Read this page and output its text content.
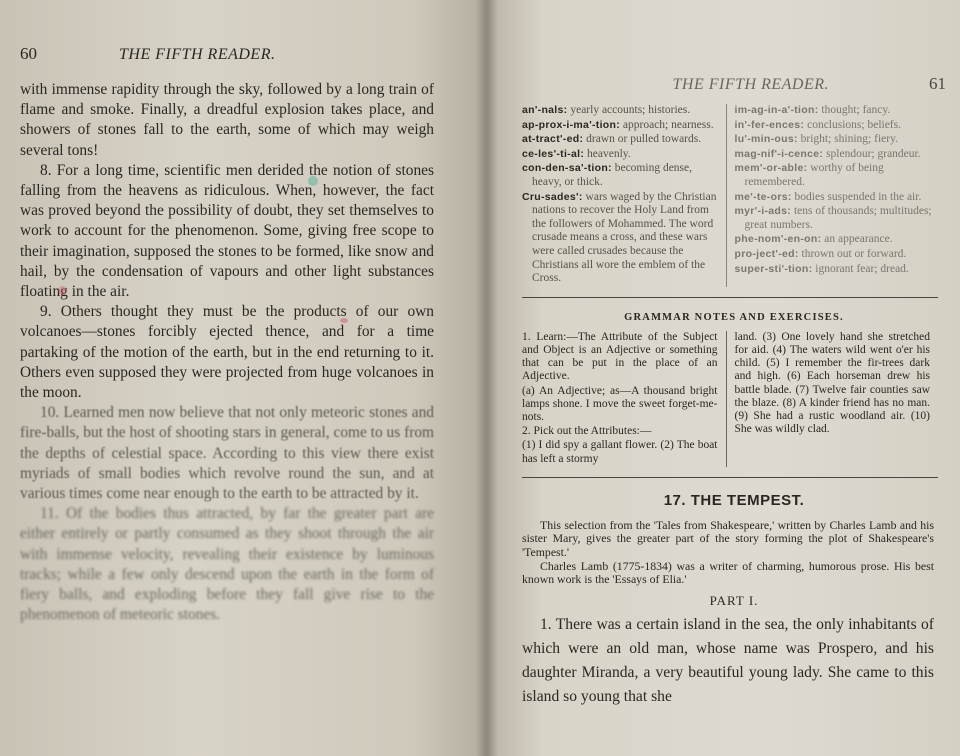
60	THE FIFTH READER.

with immense rapidity through the sky, followed by a long train of flame and smoke. Finally, a dreadful explosion takes place, and showers of stones fall to the earth, some of which may weigh several tons!

8. For a long time, scientific men derided the notion of stones falling from the heavens as ridiculous. When, however, the fact was proved beyond the possibility of doubt, they set themselves to work to account for the phenomenon. Some, giving free scope to their imagination, supposed the stones to be formed, like snow and hail, by the condensation of vapours and other light substances floating in the air.

9. Others thought they must be the products of our own volcanoes—stones forcibly ejected thence, and for a time partaking of the motion of the earth, but in the end returning to it. Others even supposed they were projected from huge volcanoes in the moon.

10. Learned men now believe that not only meteoric stones and fire-balls, but the host of shooting stars in general, come to us from the depths of celestial space. According to this view there exist myriads of small bodies which revolve round the sun, and at various times come near enough to the earth to be attracted by it.

11. Of the bodies thus attracted, by far the greater part are either entirely or partly consumed as they shoot through the air with immense velocity, revealing their existence by luminous tracks; while a few only descend upon the earth in the form of fiery balls, and exploding before they fall give rise to the phenomenon of meteoric stones.

THE FIFTH READER.	61

an'-nals: yearly accounts; histories.

ap-prox-i-ma'-tion: approach; nearness.

at-tract'-ed: drawn or pulled towards.

ce-les'-ti-al: heavenly.

con-den-sa'-tion: becoming dense, heavy, or thick.

Cru-sades': wars waged by the Christian nations to recover the Holy Land from the followers of Mohammed. The word crusade means a cross, and these wars were called crusades because the Christians all wore the emblem of the Cross.

im-ag-in-a'-tion: thought; fancy.

in'-fer-ences: conclusions; beliefs.

lu'-min-ous: bright; shining; fiery.

mag-nif'-i-cence: splendour; grandeur.

mem'-or-able: worthy of being remembered.

me'-te-ors: bodies suspended in the air.

myr'-i-ads: tens of thousands; multitudes; great numbers.

phe-nom'-en-on: an appearance.

pro-ject'-ed: thrown out or forward.

super-sti'-tion: ignorant fear; dread.

GRAMMAR NOTES AND EXERCISES.

1. Learn:—The Attribute of the Subject and Object is an Adjective or something that can be put in the place of an Adjective.

(a) An Adjective; as—A thousand bright lamps shone. I move the sweet forget-me-nots.

2. Pick out the Attributes:—

(1) I did spy a gallant flower. (2) The boat has left a stormy

land. (3) One lovely hand she stretched for aid. (4) The waters wild went o'er his child. (5) I remember the fir-trees dark and high. (6) Each horseman drew his battle blade. (7) Twelve fair counties saw the blaze. (8) A kinder friend has no man. (9) She had a rustic woodland air. (10) She was wildly clad.

17. THE TEMPEST.

This selection from the 'Tales from Shakespeare,' written by Charles Lamb and his sister Mary, gives the greater part of the story forming the plot of Shakespeare's 'Tempest.'

Charles Lamb (1775-1834) was a writer of charming, humorous prose. His best known work is the 'Essays of Elia.'

PART I.

1. There was a certain island in the sea, the only inhabitants of which were an old man, whose name was Prospero, and his daughter Miranda, a very beautiful young lady. She came to this island so young that she
